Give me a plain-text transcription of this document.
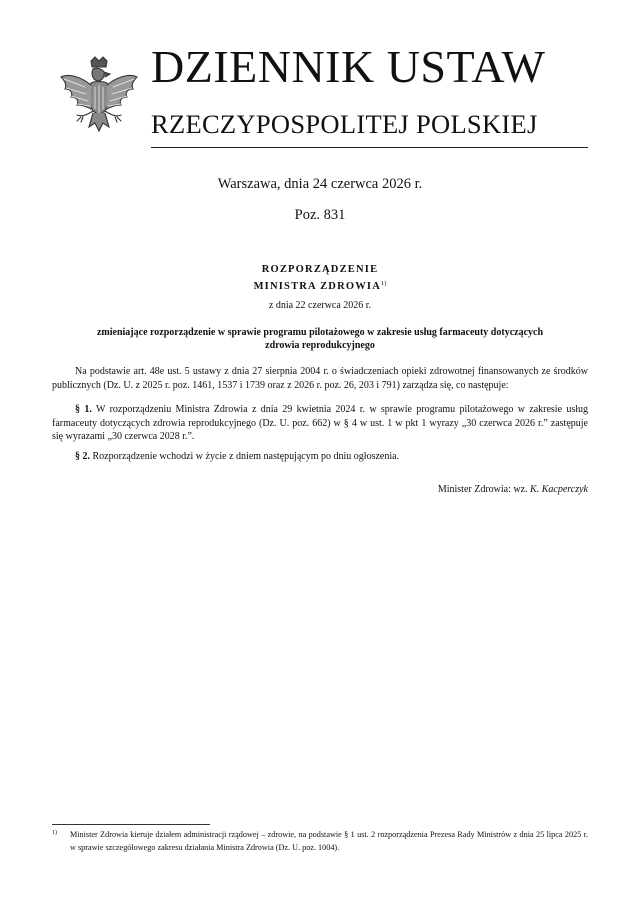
DZIENNIK USTAW
RZECZYPOSPOLITEJ POLSKIEJ
Warszawa, dnia 24 czerwca 2026 r.
Poz. 831
ROZPORZĄDZENIE
MINISTRA ZDROWIA$^{1)}$
z dnia 22 czerwca 2026 r.
zmieniające rozporządzenie w sprawie programu pilotażowego w zakresie usług farmaceuty dotyczących zdrowia reprodukcyjnego
Na podstawie art. 48e ust. 5 ustawy z dnia 27 sierpnia 2004 r. o świadczeniach opieki zdrowotnej finansowanych ze środków publicznych (Dz. U. z 2025 r. poz. 1461, 1537 i 1739 oraz z 2026 r. poz. 26, 203 i 791) zarządza się, co następuje:
§ 1. W rozporządzeniu Ministra Zdrowia z dnia 29 kwietnia 2024 r. w sprawie programu pilotażowego w zakresie usług farmaceuty dotyczących zdrowia reprodukcyjnego (Dz. U. poz. 662) w § 4 w ust. 1 w pkt 1 wyrazy „30 czerwca 2026 r.” zastępuje się wyrazami „30 czerwca 2028 r.”.
§ 2. Rozporządzenie wchodzi w życie z dniem następującym po dniu ogłoszenia.
Minister Zdrowia: wz. K. Kacperczyk
1) Minister Zdrowia kieruje działem administracji rządowej – zdrowie, na podstawie § 1 ust. 2 rozporządzenia Prezesa Rady Ministrów z dnia 25 lipca 2025 r. w sprawie szczegółowego zakresu działania Ministra Zdrowia (Dz. U. poz. 1004).
